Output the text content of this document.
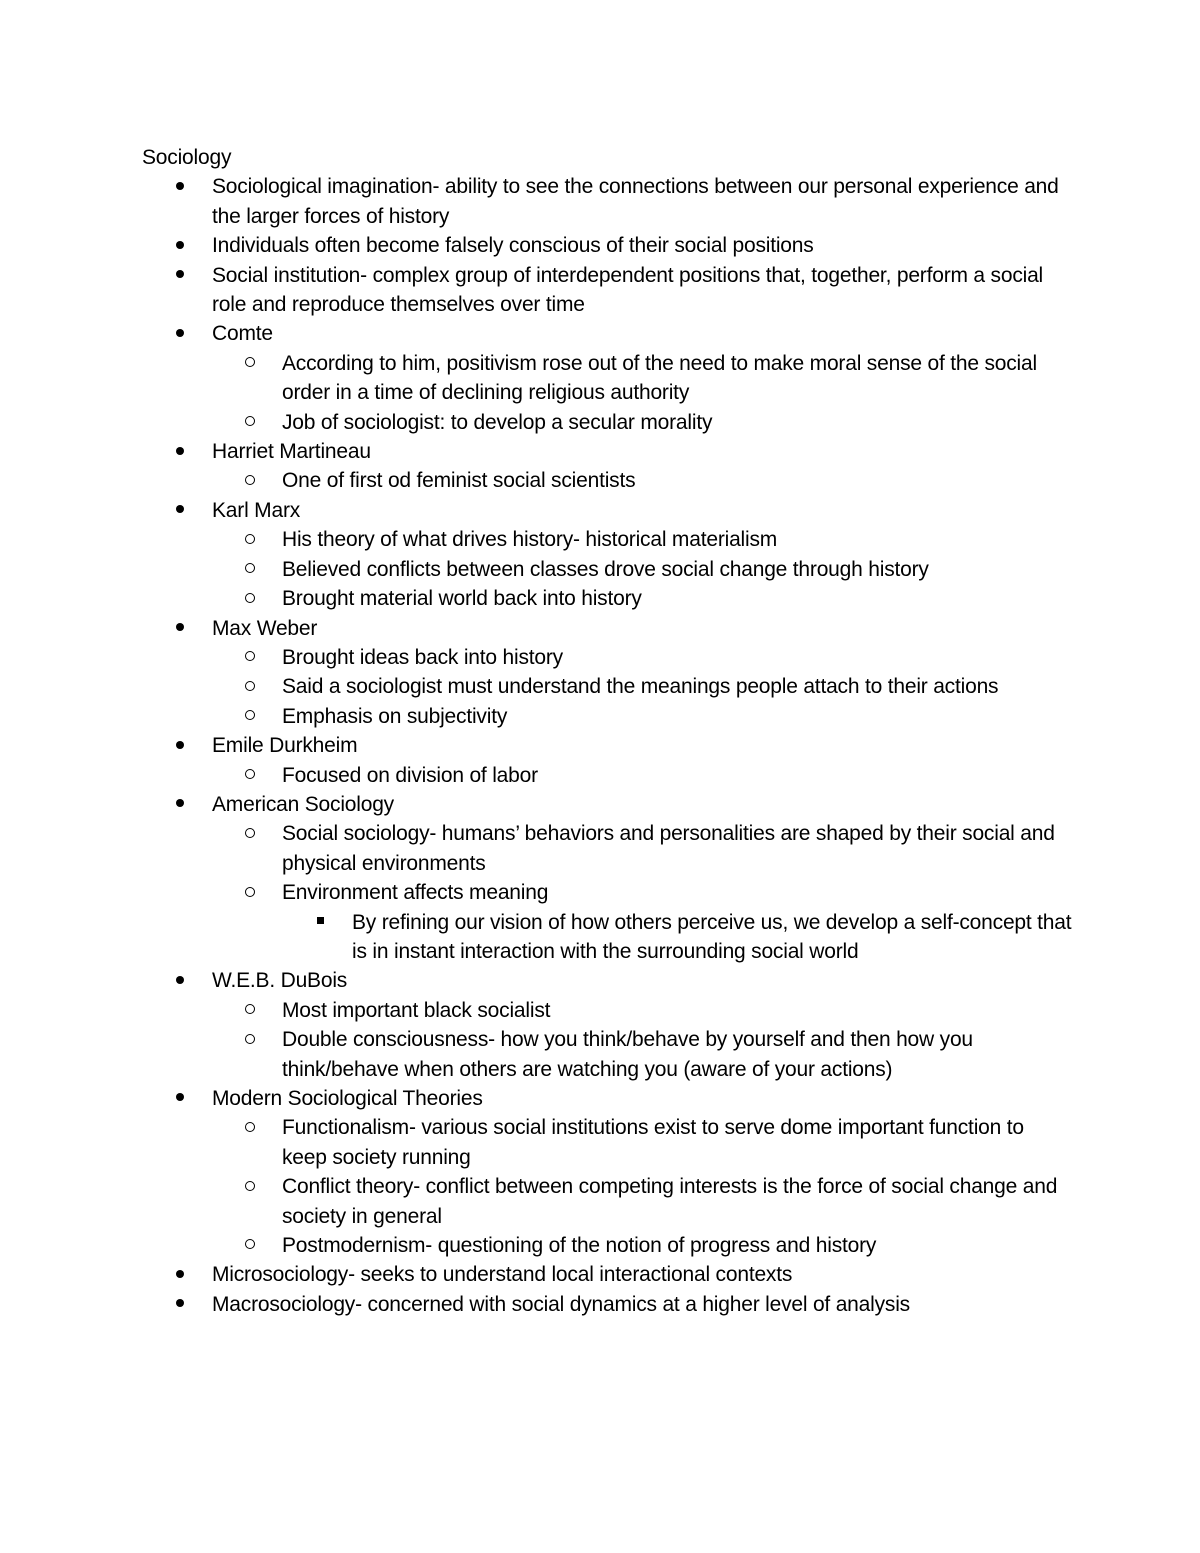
Sociology
Sociological imagination- ability to see the connections between our personal experience and the larger forces of history
Individuals often become falsely conscious of their social positions
Social institution- complex group of interdependent positions that, together, perform a social role and reproduce themselves over time
Comte
According to him, positivism rose out of the need to make moral sense of the social order in a time of declining religious authority
Job of sociologist: to develop a secular morality
Harriet Martineau
One of first od feminist social scientists
Karl Marx
His theory of what drives history- historical materialism
Believed conflicts between classes drove social change through history
Brought material world back into history
Max Weber
Brought ideas back into history
Said a sociologist must understand the meanings people attach to their actions
Emphasis on subjectivity
Emile Durkheim
Focused on division of labor
American Sociology
Social sociology- humans’ behaviors and personalities are shaped by their social and physical environments
Environment affects meaning
By refining our vision of how others perceive us, we develop a self-concept that is in instant interaction with the surrounding social world
W.E.B. DuBois
Most important black socialist
Double consciousness- how you think/behave by yourself and then how you think/behave when others are watching you (aware of your actions)
Modern Sociological Theories
Functionalism- various social institutions exist to serve dome important function to keep society running
Conflict theory- conflict between competing interests is the force of social change and society in general
Postmodernism- questioning of the notion of progress and history
Microsociology- seeks to understand local interactional contexts
Macrosociology- concerned with social dynamics at a higher level of analysis
